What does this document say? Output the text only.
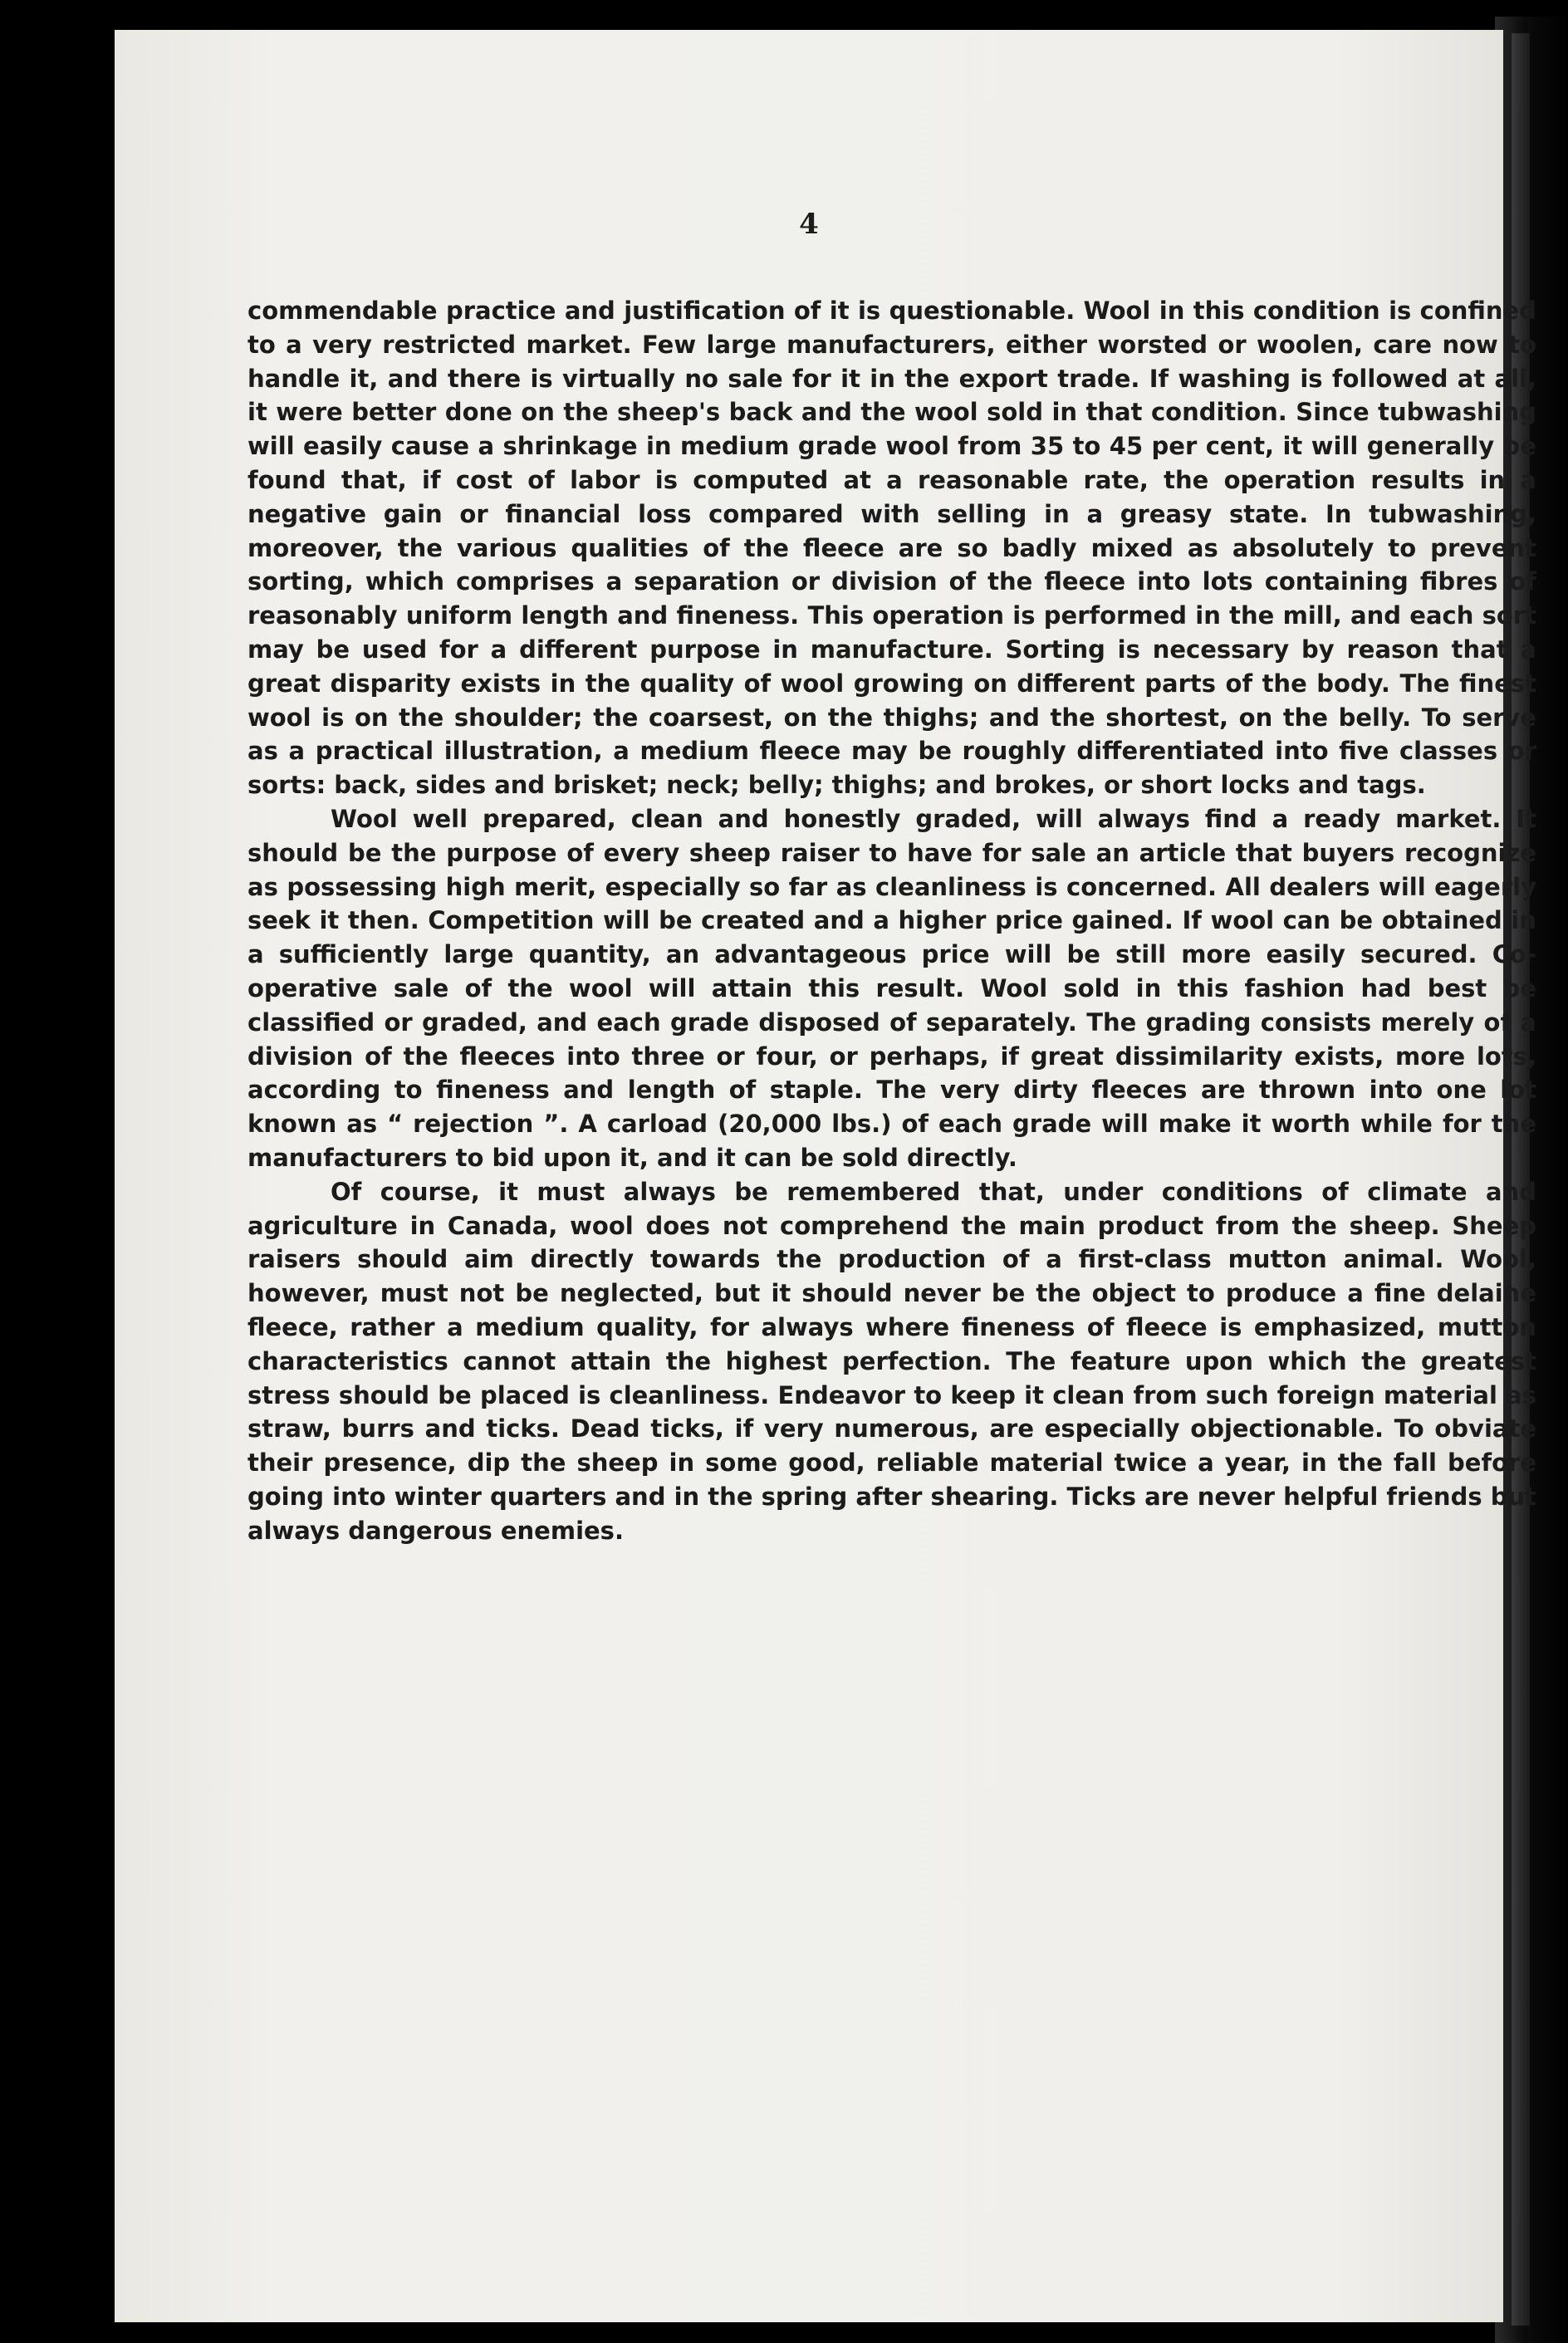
4

commendable practice and justification of it is questionable. Wool in this condition is confined to a very restricted market. Few large manufacturers, either worsted or woolen, care now to handle it, and there is virtually no sale for it in the export trade. If washing is followed at all, it were better done on the sheep's back and the wool sold in that condition. Since tubwashing will easily cause a shrinkage in medium grade wool from 35 to 45 per cent, it will generally be found that, if cost of labor is computed at a reasonable rate, the operation results in a negative gain or financial loss compared with selling in a greasy state. In tubwashing, moreover, the various qualities of the fleece are so badly mixed as absolutely to prevent sorting, which comprises a separation or division of the fleece into lots containing fibres of reasonably uniform length and fineness. This operation is performed in the mill, and each sort may be used for a different purpose in manufacture. Sorting is necessary by reason that a great disparity exists in the quality of wool growing on different parts of the body. The finest wool is on the shoulder; the coarsest, on the thighs; and the shortest, on the belly. To serve as a practical illustration, a medium fleece may be roughly differentiated into five classes or sorts: back, sides and brisket; neck; belly; thighs; and brokes, or short locks and tags.

Wool well prepared, clean and honestly graded, will always find a ready market. It should be the purpose of every sheep raiser to have for sale an article that buyers recognize as possessing high merit, especially so far as cleanliness is concerned. All dealers will eagerly seek it then. Competition will be created and a higher price gained. If wool can be obtained in a sufficiently large quantity, an advantageous price will be still more easily secured. Co-operative sale of the wool will attain this result. Wool sold in this fashion had best be classified or graded, and each grade disposed of separately. The grading consists merely of a division of the fleeces into three or four, or perhaps, if great dissimilarity exists, more lots, according to fineness and length of staple. The very dirty fleeces are thrown into one lot known as “ rejection ”. A carload (20,000 lbs.) of each grade will make it worth while for the manufacturers to bid upon it, and it can be sold directly.

Of course, it must always be remembered that, under conditions of climate and agriculture in Canada, wool does not comprehend the main product from the sheep. Sheep raisers should aim directly towards the production of a first-class mutton animal. Wool, however, must not be neglected, but it should never be the object to produce a fine delaine fleece, rather a medium quality, for always where fineness of fleece is emphasized, mutton characteristics cannot attain the highest perfection. The feature upon which the greatest stress should be placed is cleanliness. Endeavor to keep it clean from such foreign material as straw, burrs and ticks. Dead ticks, if very numerous, are especially objectionable. To obviate their presence, dip the sheep in some good, reliable material twice a year, in the fall before going into winter quarters and in the spring after shearing. Ticks are never helpful friends but always dangerous enemies.
